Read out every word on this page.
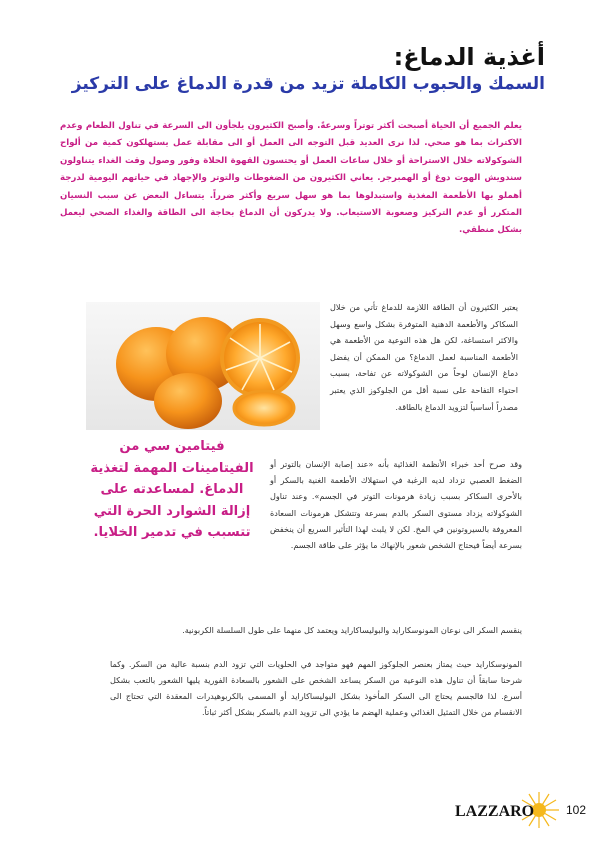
أغذية الدماغ:
السمك والحبوب الكاملة تزيد من قدرة الدماغ على التركيز
يعلم الجميع أن الحياة أصبحت أكثر توتراً وسرعةً. وأصبح الكثيرون يلجأون الى السرعة في تناول الطعام وعدم الاكتراث بما هو صحي. لذا نرى العديد قبل التوجه الى العمل أو الى مقابلة عمل يستهلكون كمية من ألواح الشوكولاته خلال الاستراحة أو خلال ساعات العمل أو يحتسون القهوة الحلاة وفور وصول وقت الغداء يتناولون سندويش الهوت دوغ أو الهمبرجر. يعاني الكثيرون من الضغوطات والتوتر والإجهاد في حياتهم اليومية لدرجة أهملو بها الأطعمة المغذية واستبدلوها بما هو سهل سريع وأكثر ضرراً. يتساءل البعض عن سبب النسيان المتكرر أو عدم التركيز وصعوبة الاستيعاب. ولا يدركون أن الدماغ بحاجة الى الطاقة والغذاء الصحي ليعمل بشكل منطقي.
يعتبر الكثيرون أن الطاقة اللازمة للدماغ تأتي من خلال السكاكر والأطعمة الدهنية المتوفرة بشكل واسع وسهل والاكثر استساغة، لكن هل هذه النوعية من الأطعمة هي الأطعمة المناسبة لعمل الدماغ؟ من الممكن أن يفضل دماغ الإنسان لوحاً من الشوكولاته عن تفاحة، بسبب احتواء التفاحة على نسبة أقل من الجلوكوز الذي يعتبر مصدراً أساسياً لتزويد الدماغ بالطاقة.
فيتامين سي من الفيتامينات المهمة لتغذية الدماغ. لمساعدته على إزالة الشوارد الحرة التي تتسبب في تدمير الخلايا.
وقد صرح أحد خبراء الأنظمة الغذائية بأنه «عند إصابة الإنسان بالتوتر أو الضغط العصبي تزداد لديه الرغبة في استهلاك الأطعمة الغنية بالسكر أو بالأحرى السكاكر بسبب زيادة هرمونات التوتر في الجسم». وعند تناول الشوكولاته يزداد مستوى السكر بالدم بسرعة وتتشكل هرمونات السعادة المعروفة بالسيروتونين في المخ. لكن لا يلبث لهذا التأثير السريع أن ينخفض بسرعة أيضاً فيحتاج الشخص شعور بالإنهاك ما يؤثر على طاقة الجسم.
ينقسم السكر الى نوعان المونوسكارايد والبوليساكارايد ويعتمد كل منهما على طول السلسلة الكربونية.
المونوسكارايد حيث يمتاز بعنصر الجلوكوز المهم فهو متواجد في الحلويات التي تزود الدم بنسبة عالية من السكر. وكما شرحنا سابقاً أن تناول هذه النوعية من السكر يساعد الشخص على الشعور بالسعادة الفورية يليها الشعور بالتعب بشكل أسرع. لذا فالجسم يحتاج الى السكر المأخوذ بشكل البوليساكارايد أو المسمى بالكربوهيدرات المعقدة التي تحتاج الى الانقسام من خلال التمثيل الغذائي وعملية الهضم ما يؤدي الى تزويد الدم بالسكر بشكل أكثر ثباتاً.
LAZZARO	102
